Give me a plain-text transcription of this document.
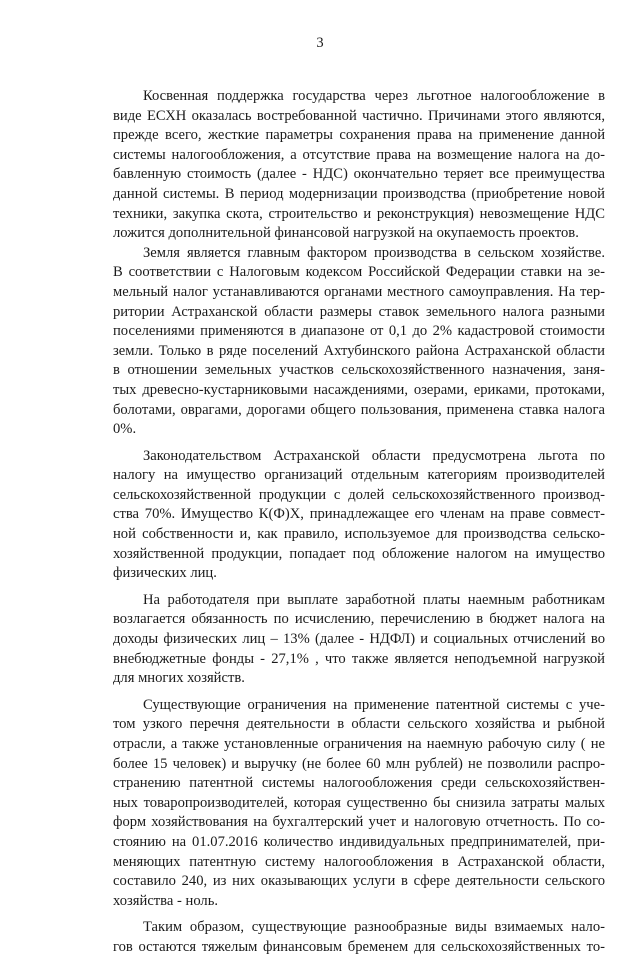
3
Косвенная поддержка государства через льготное налогообложение в
виде ЕСХН оказалась востребованной частично. Причинами этого являются,
прежде всего, жесткие параметры сохранения права на применение данной
системы налогообложения, а отсутствие права на возмещение налога на до-
бавленную стоимость (далее - НДС) окончательно теряет все преимущества
данной системы. В период модернизации производства (приобретение новой
техники, закупка скота, строительство и реконструкция) невозмещение НДС
ложится дополнительной финансовой нагрузкой на окупаемость проектов.
Земля является главным фактором производства в сельском хозяйстве.
В соответствии с Налоговым кодексом Российской Федерации ставки на зе-
мельный налог устанавливаются органами местного самоуправления. На тер-
ритории Астраханской области размеры ставок земельного налога разными
поселениями применяются в диапазоне от 0,1 до 2% кадастровой стоимости
земли. Только в ряде поселений Ахтубинского района Астраханской области
в отношении земельных участков сельскохозяйственного назначения, заня-
тых древесно-кустарниковыми насаждениями, озерами, ериками, протоками,
болотами, оврагами, дорогами общего пользования, применена ставка налога
0%.
Законодательством Астраханской области предусмотрена льгота по
налогу на имущество организаций отдельным категориям производителей
сельскохозяйственной продукции с долей сельскохозяйственного производ-
ства 70%. Имущество К(Ф)Х, принадлежащее его членам на праве совмест-
ной собственности и, как правило, используемое для производства сельско-
хозяйственной продукции, попадает под обложение налогом на имущество
физических лиц.
На работодателя при выплате заработной платы наемным работникам
возлагается обязанность по исчислению, перечислению в бюджет налога на
доходы физических лиц – 13% (далее - НДФЛ) и социальных отчислений во
внебюджетные фонды - 27,1% , что также является неподъемной нагрузкой
для многих хозяйств.
Существующие ограничения на применение патентной системы с уче-
том узкого перечня деятельности в области сельского хозяйства и рыбной
отрасли, а также установленные ограничения на наемную рабочую силу ( не
более 15 человек) и выручку (не более 60 млн рублей) не позволили распро-
странению патентной системы налогообложения среди сельскохозяйствен-
ных товаропроизводителей, которая существенно бы снизила затраты малых
форм хозяйствования на бухгалтерский учет и налоговую отчетность. По со-
стоянию на 01.07.2016 количество индивидуальных предпринимателей, при-
меняющих патентную систему налогообложения в Астраханской области,
составило 240, из них оказывающих услуги в сфере деятельности сельского
хозяйства - ноль.
Таким образом, существующие разнообразные виды взимаемых нало-
гов остаются тяжелым финансовым бременем для сельскохозяйственных то-
